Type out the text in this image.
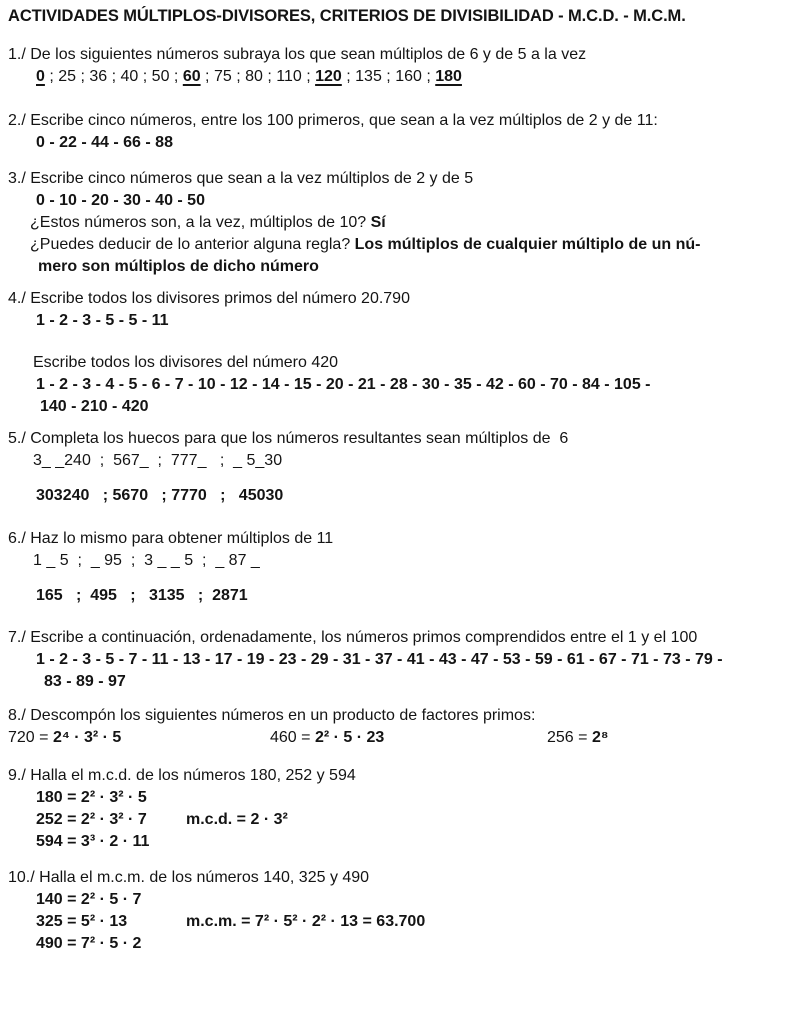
ACTIVIDADES MÚLTIPLOS-DIVISORES, CRITERIOS DE DIVISIBILIDAD - M.C.D. - M.C.M.

1./ De los siguientes números subraya los que sean múltiplos de 6 y de 5 a la vez

0 ; 25 ; 36 ; 40 ; 50 ; 60 ; 75 ; 80 ; 110 ; 120 ; 135 ; 160 ; 180

2./ Escribe cinco números, entre los 100 primeros, que sean a la vez múltiplos de 2 y de 11:

0 - 22 - 44 - 66 - 88

3./ Escribe cinco números que sean a la vez múltiplos de 2 y de 5

0 - 10 - 20 - 30 - 40 - 50

¿Estos números son, a la vez, múltiplos de 10? Sí

¿Puedes deducir de lo anterior alguna regla? Los múltiplos de cualquier múltiplo de un nú-

mero son múltiplos de dicho número

4./ Escribe todos los divisores primos del número 20.790

1 - 2 - 3 - 5 - 5 - 11

Escribe todos los divisores del número 420

1 - 2 - 3 - 4 - 5 - 6 - 7 - 10 - 12 - 14 - 15 - 20 - 21 - 28 - 30 - 35 - 42 - 60 - 70 - 84 - 105 -

140 - 210 - 420

5./ Completa los huecos para que los números resultantes sean múltiplos de  6

3_ _240  ;  567_  ;  777_   ;  _ 5_30

303240   ; 5670   ; 7770   ;   45030

6./ Haz lo mismo para obtener múltiplos de 11

1 _ 5  ;  _ 95  ;  3 _ _ 5  ;  _ 87 _

165   ;  495   ;   3135   ;  2871

7./ Escribe a continuación, ordenadamente, los números primos comprendidos entre el 1 y el 100

1 - 2 - 3 - 5 - 7 - 11 - 13 - 17 - 19 - 23 - 29 - 31 - 37 - 41 - 43 - 47 - 53 - 59 - 61 - 67 - 71 - 73 - 79 -

83 - 89 - 97

8./ Descompón los siguientes números en un producto de factores primos:

720 = 2⁴ · 3² · 5	460 = 2² · 5 · 23	256 = 2⁸

9./ Halla el m.c.d. de los números 180, 252 y 594

180 = 2² · 3² · 5

252 = 2² · 3² · 7 m.c.d. = 2 · 3²

594 = 3³ · 2 · 11

10./ Halla el m.c.m. de los números 140, 325 y 490

140 = 2² · 5 · 7

325 = 5² · 13	m.c.m. = 7² · 5² · 2² · 13 = 63.700

490 = 7² · 5 · 2
